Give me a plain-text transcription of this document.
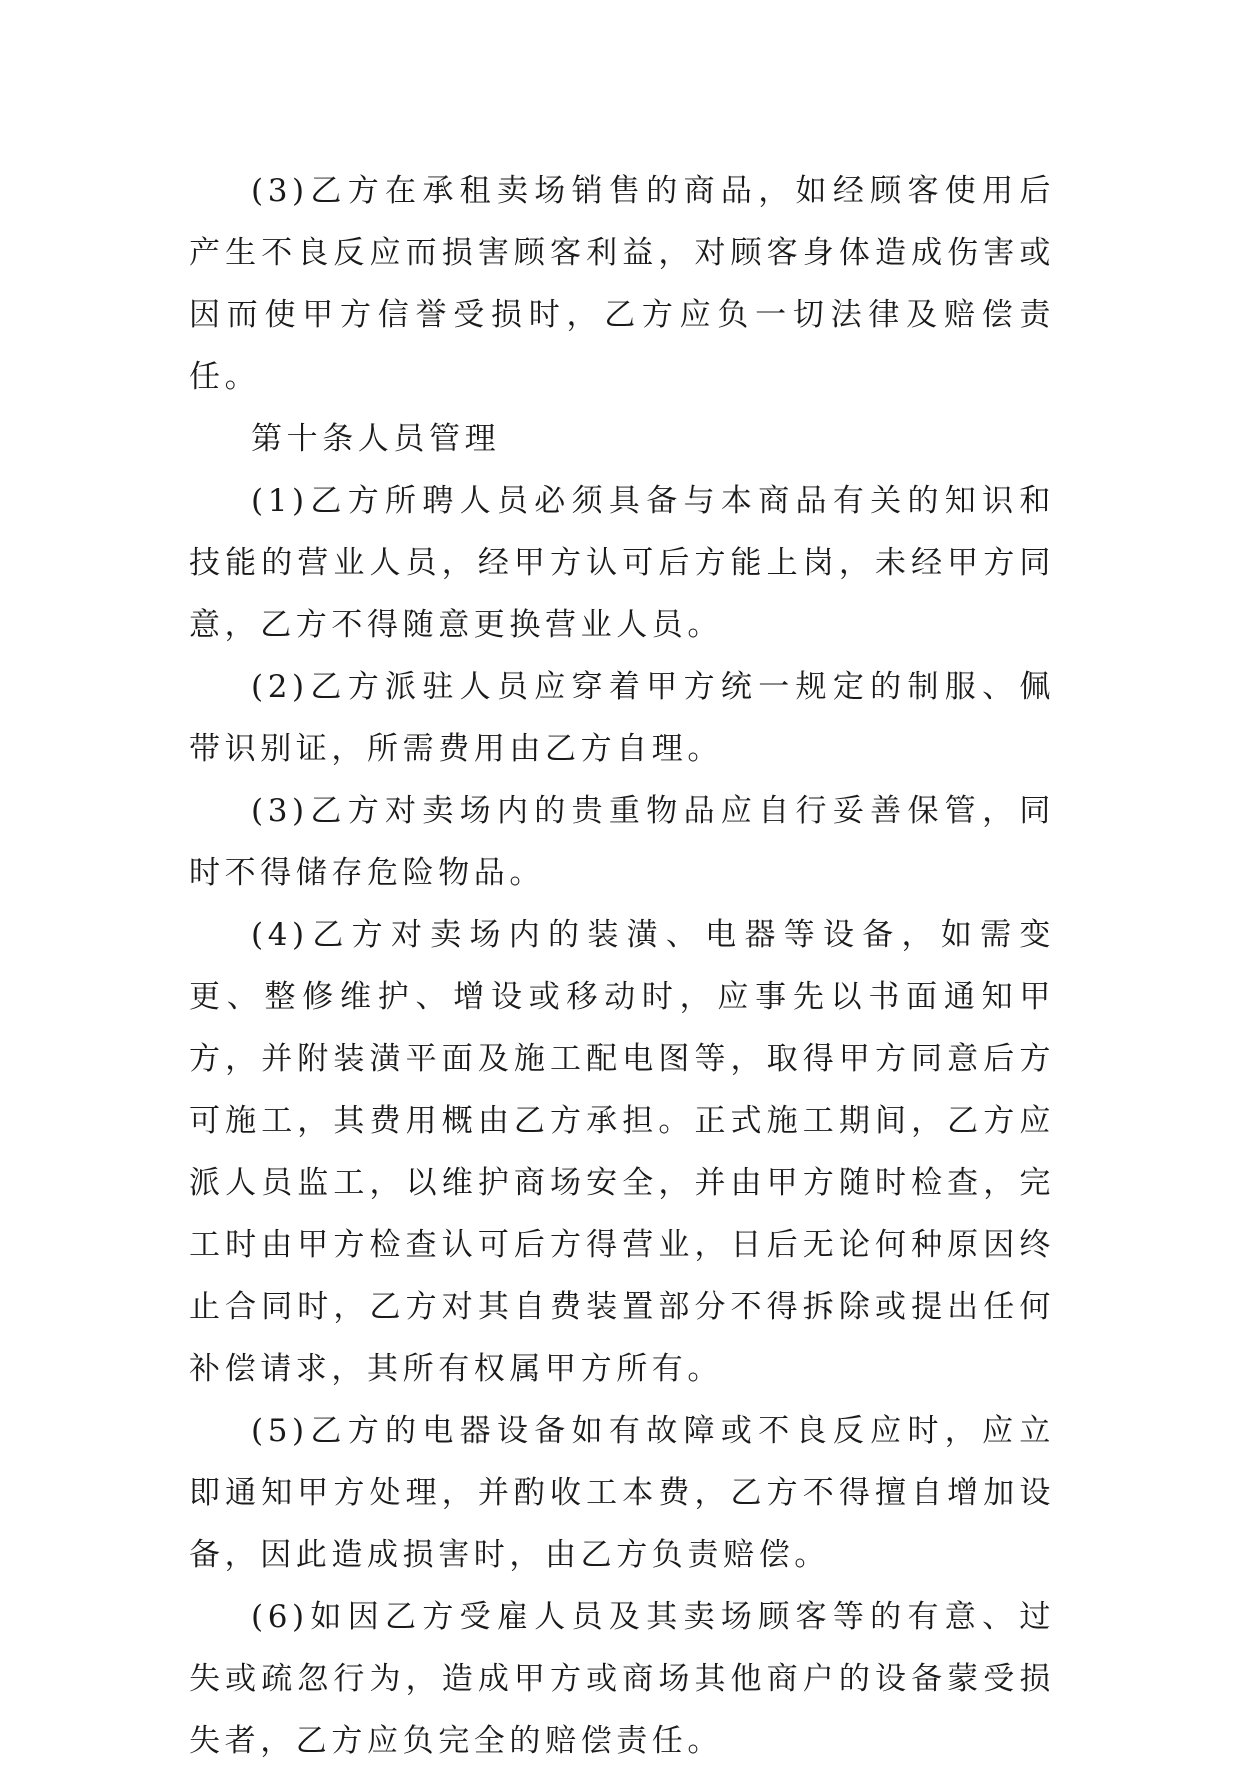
(3)乙方在承租卖场销售的商品，如经顾客使用后产生不良反应而损害顾客利益，对顾客身体造成伤害或因而使甲方信誉受损时，乙方应负一切法律及赔偿责任。

第十条人员管理

(1)乙方所聘人员必须具备与本商品有关的知识和技能的营业人员，经甲方认可后方能上岗，未经甲方同意，乙方不得随意更换营业人员。

(2)乙方派驻人员应穿着甲方统一规定的制服、佩带识别证，所需费用由乙方自理。

(3)乙方对卖场内的贵重物品应自行妥善保管，同时不得储存危险物品。

(4)乙方对卖场内的装潢、电器等设备，如需变更、整修维护、增设或移动时，应事先以书面通知甲方，并附装潢平面及施工配电图等，取得甲方同意后方可施工，其费用概由乙方承担。正式施工期间，乙方应派人员监工，以维护商场安全，并由甲方随时检查，完工时由甲方检查认可后方得营业，日后无论何种原因终止合同时，乙方对其自费装置部分不得拆除或提出任何补偿请求，其所有权属甲方所有。

(5)乙方的电器设备如有故障或不良反应时，应立即通知甲方处理，并酌收工本费，乙方不得擅自增加设备，因此造成损害时，由乙方负责赔偿。

(6)如因乙方受雇人员及其卖场顾客等的有意、过失或疏忽行为，造成甲方或商场其他商户的设备蒙受损失者，乙方应负完全的赔偿责任。
